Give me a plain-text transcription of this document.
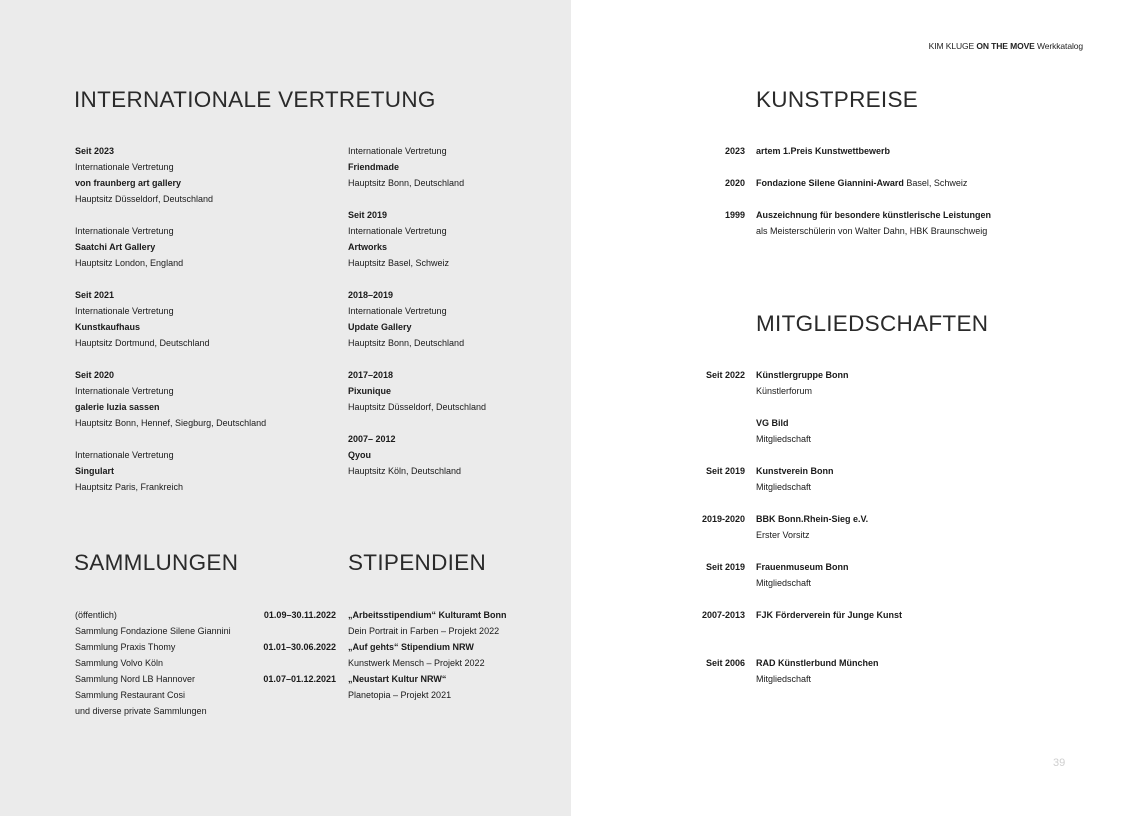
KIM KLUGE ON THE MOVE Werkkatalog
INTERNATIONALE VERTRETUNG
Seit 2023
Internationale Vertretung
von fraunberg art gallery
Hauptsitz Düsseldorf, Deutschland
Internationale Vertretung
Saatchi Art Gallery
Hauptsitz London, England
Seit 2021
Internationale Vertretung
Kunstkaufhaus
Hauptsitz Dortmund, Deutschland
Seit 2020
Internationale Vertretung
galerie luzia sassen
Hauptsitz Bonn, Hennef, Siegburg, Deutschland
Internationale Vertretung
Singulart
Hauptsitz Paris, Frankreich
Internationale Vertretung
Friendmade
Hauptsitz Bonn, Deutschland
Seit 2019
Internationale Vertretung
Artworks
Hauptsitz Basel, Schweiz
2018–2019
Internationale Vertretung
Update Gallery
Hauptsitz Bonn, Deutschland
2017–2018
Pixunique
Hauptsitz Düsseldorf, Deutschland
2007– 2012
Qyou
Hauptsitz Köln, Deutschland
SAMMLUNGEN
(öffentlich)
Sammlung Fondazione Silene Giannini
Sammlung Praxis Thomy
Sammlung Volvo Köln
Sammlung Nord LB Hannover
Sammlung Restaurant Cosi
und diverse private Sammlungen
STIPENDIEN
01.09–30.11.2022 „Arbeitsstipendium“ Kulturamt Bonn
Dein Portrait in Farben – Projekt 2022
01.01–30.06.2022 „Auf gehts“ Stipendium NRW
Kunstwerk Mensch – Projekt 2022
01.07–01.12.2021 „Neustart Kultur NRW“
Planetopia – Projekt 2021
KUNSTPREISE
2023 artem 1.Preis Kunstwettbewerb
2020 Fondazione Silene Giannini-Award Basel, Schweiz
1999 Auszeichnung für besondere künstlerische Leistungen
als Meisterschülerin von Walter Dahn, HBK Braunschweig
MITGLIEDSCHAFTEN
Seit 2022 Künstlergruppe Bonn
Künstlerforum
VG Bild
Mitgliedschaft
Seit 2019 Kunstverein Bonn
Mitgliedschaft
2019-2020 BBK Bonn.Rhein-Sieg e.V.
Erster Vorsitz
Seit 2019 Frauenmuseum Bonn
Mitgliedschaft
2007-2013 FJK Förderverein für Junge Kunst
Seit 2006 RAD Künstlerbund München
Mitgliedschaft
39
